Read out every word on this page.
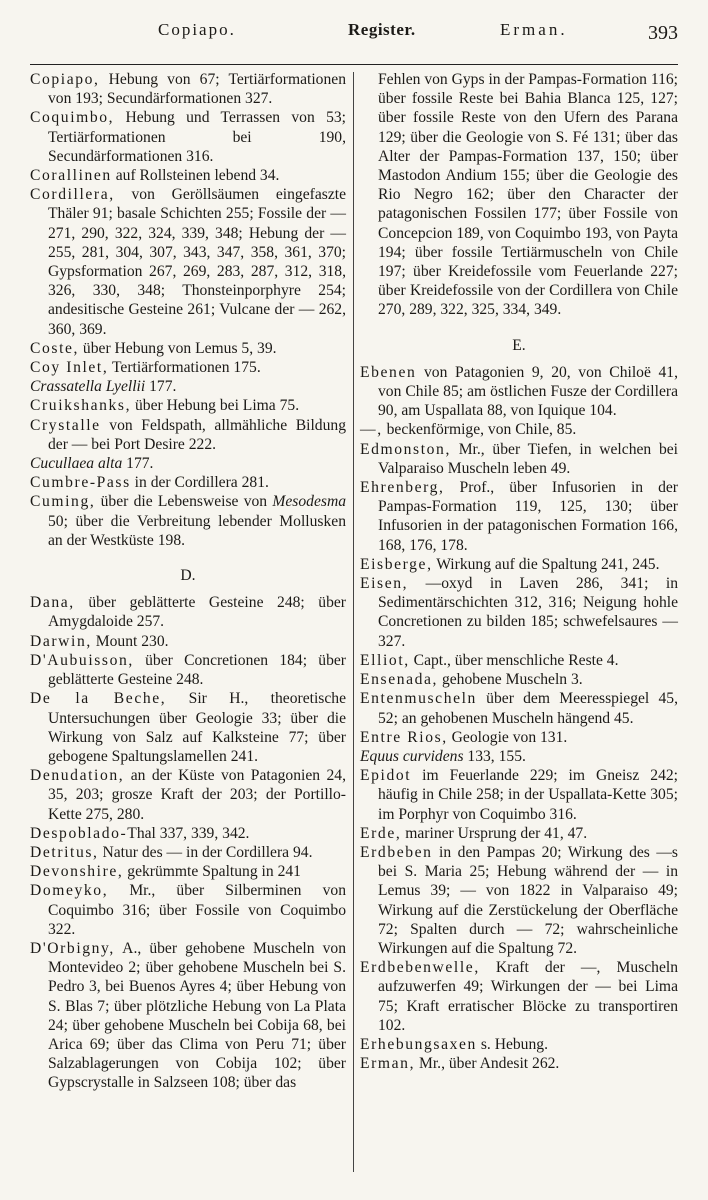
Copiapo.	Register.	Erman.	393

Copiapo, Hebung von 67; Tertiärformationen von 193; Secundärformationen 327.

Coquimbo, Hebung und Terrassen von 53; Tertiärformationen bei 190, Secundärformationen 316.

Corallinen auf Rollsteinen lebend 34.

Cordillera, von Geröllsäumen eingefaszte Thäler 91; basale Schichten 255; Fossile der — 271, 290, 322, 324, 339, 348; Hebung der — 255, 281, 304, 307, 343, 347, 358, 361, 370; Gypsformation 267, 269, 283, 287, 312, 318, 326, 330, 348; Thonsteinporphyre 254; andesitische Gesteine 261; Vulcane der — 262, 360, 369.

Coste, über Hebung von Lemus 5, 39.

Coy Inlet, Tertiärformationen 175.

Crassatella Lyellii 177.

Cruikshanks, über Hebung bei Lima 75.

Crystalle von Feldspath, allmähliche Bildung der — bei Port Desire 222.

Cucullaea alta 177.

Cumbre-Pass in der Cordillera 281.

Cuming, über die Lebensweise von Mesodesma 50; über die Verbreitung lebender Mollusken an der Westküste 198.

D.

Dana, über geblätterte Gesteine 248; über Amygdaloide 257.

Darwin, Mount 230.

D'Aubuisson, über Concretionen 184; über geblätterte Gesteine 248.

De la Beche, Sir H., theoretische Untersuchungen über Geologie 33; über die Wirkung von Salz auf Kalksteine 77; über gebogene Spaltungslamellen 241.

Denudation, an der Küste von Patagonien 24, 35, 203; grosze Kraft der 203; der Portillo-Kette 275, 280.

Despoblado-Thal 337, 339, 342.

Detritus, Natur des — in der Cordillera 94.

Devonshire, gekrümmte Spaltung in 241

Domeyko, Mr., über Silberminen von Coquimbo 316; über Fossile von Coquimbo 322.

D'Orbigny, A., über gehobene Muscheln von Montevideo 2; über gehobene Muscheln bei S. Pedro 3, bei Buenos Ayres 4; über Hebung von S. Blas 7; über plötzliche Hebung von La Plata 24; über gehobene Muscheln bei Cobija 68, bei Arica 69; über das Clima von Peru 71; über Salzablagerungen von Cobija 102; über Gypscrystalle in Salzseen 108; über das

Fehlen von Gyps in der Pampas-Formation 116; über fossile Reste bei Bahia Blanca 125, 127; über fossile Reste von den Ufern des Parana 129; über die Geologie von S. Fé 131; über das Alter der Pampas-Formation 137, 150; über Mastodon Andium 155; über die Geologie des Rio Negro 162; über den Character der patagonischen Fossilen 177; über Fossile von Concepcion 189, von Coquimbo 193, von Payta 194; über fossile Tertiärmuscheln von Chile 197; über Kreidefossile vom Feuerlande 227; über Kreidefossile von der Cordillera von Chile 270, 289, 322, 325, 334, 349.

E.

Ebenen von Patagonien 9, 20, von Chiloë 41, von Chile 85; am östlichen Fusze der Cordillera 90, am Uspallata 88, von Iquique 104.

—, beckenförmige, von Chile, 85.

Edmonston, Mr., über Tiefen, in welchen bei Valparaiso Muscheln leben 49.

Ehrenberg, Prof., über Infusorien in der Pampas-Formation 119, 125, 130; über Infusorien in der patagonischen Formation 166, 168, 176, 178.

Eisberge, Wirkung auf die Spaltung 241, 245.

Eisen, —oxyd in Laven 286, 341; in Sedimentärschichten 312, 316; Neigung hohle Concretionen zu bilden 185; schwefelsaures — 327.

Elliot, Capt., über menschliche Reste 4.

Ensenada, gehobene Muscheln 3.

Entenmuscheln über dem Meeresspiegel 45, 52; an gehobenen Muscheln hängend 45.

Entre Rios, Geologie von 131.

Equus curvidens 133, 155.

Epidot im Feuerlande 229; im Gneisz 242; häufig in Chile 258; in der Uspallata-Kette 305; im Porphyr von Coquimbo 316.

Erde, mariner Ursprung der 41, 47.

Erdbeben in den Pampas 20; Wirkung des —s bei S. Maria 25; Hebung während der — in Lemus 39; — von 1822 in Valparaiso 49; Wirkung auf die Zerstückelung der Oberfläche 72; Spalten durch — 72; wahrscheinliche Wirkungen auf die Spaltung 72.

Erdbebenwelle, Kraft der —, Muscheln aufzuwerfen 49; Wirkungen der — bei Lima 75; Kraft erratischer Blöcke zu transportiren 102.

Erhebungsaxen s. Hebung.

Erman, Mr., über Andesit 262.
